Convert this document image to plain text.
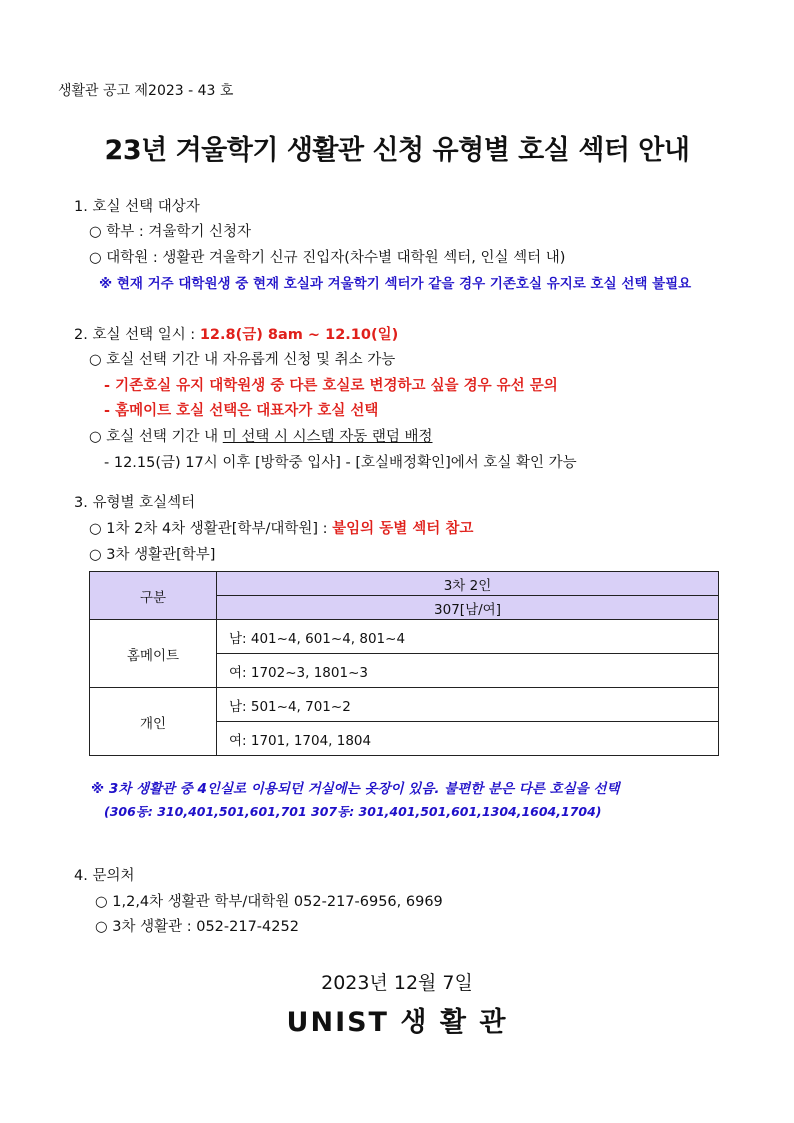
생활관 공고 제2023 - 43 호
23년 겨울학기 생활관 신청 유형별 호실 섹터 안내
1. 호실 선택 대상자
○ 학부 : 겨울학기 신청자
○ 대학원 : 생활관 겨울학기 신규 진입자(차수별 대학원 섹터, 인실 섹터 내)
※ 현재 거주 대학원생 중 현재 호실과 겨울학기 섹터가 같을 경우 기존호실 유지로 호실 선택 불필요
2. 호실 선택 일시 : 12.8(금) 8am ~ 12.10(일)
○ 호실 선택 기간 내 자유롭게 신청 및 취소 가능
- 기존호실 유지 대학원생 중 다른 호실로 변경하고 싶을 경우 유선 문의
- 홈메이트 호실 선택은 대표자가 호실 선택
○ 호실 선택 기간 내 미 선택 시 시스템 자동 랜덤 배정
- 12.15(금) 17시 이후 [방학중 입사] - [호실배정확인]에서 호실 확인 가능
3. 유형별 호실섹터
○ 1차 2차 4차 생활관[학부/대학원] : 붙임의 동별 섹터 참고
○ 3차 생활관[학부]
구분	3차 2인
	307[남/여]
홈메이트	남: 401~4, 601~4, 801~4
	여: 1702~3, 1801~3
개인	남: 501~4, 701~2
	여: 1701, 1704, 1804
※ 3차 생활관 중 4인실로 이용되던 거실에는 옷장이 있음. 불편한 분은 다른 호실을 선택
(306동: 310,401,501,601,701 307동: 301,401,501,601,1304,1604,1704)
4. 문의처
○ 1,2,4차 생활관 학부/대학원 052-217-6956, 6969
○ 3차 생활관 : 052-217-4252
2023년 12월 7일
UNIST 생 활 관
